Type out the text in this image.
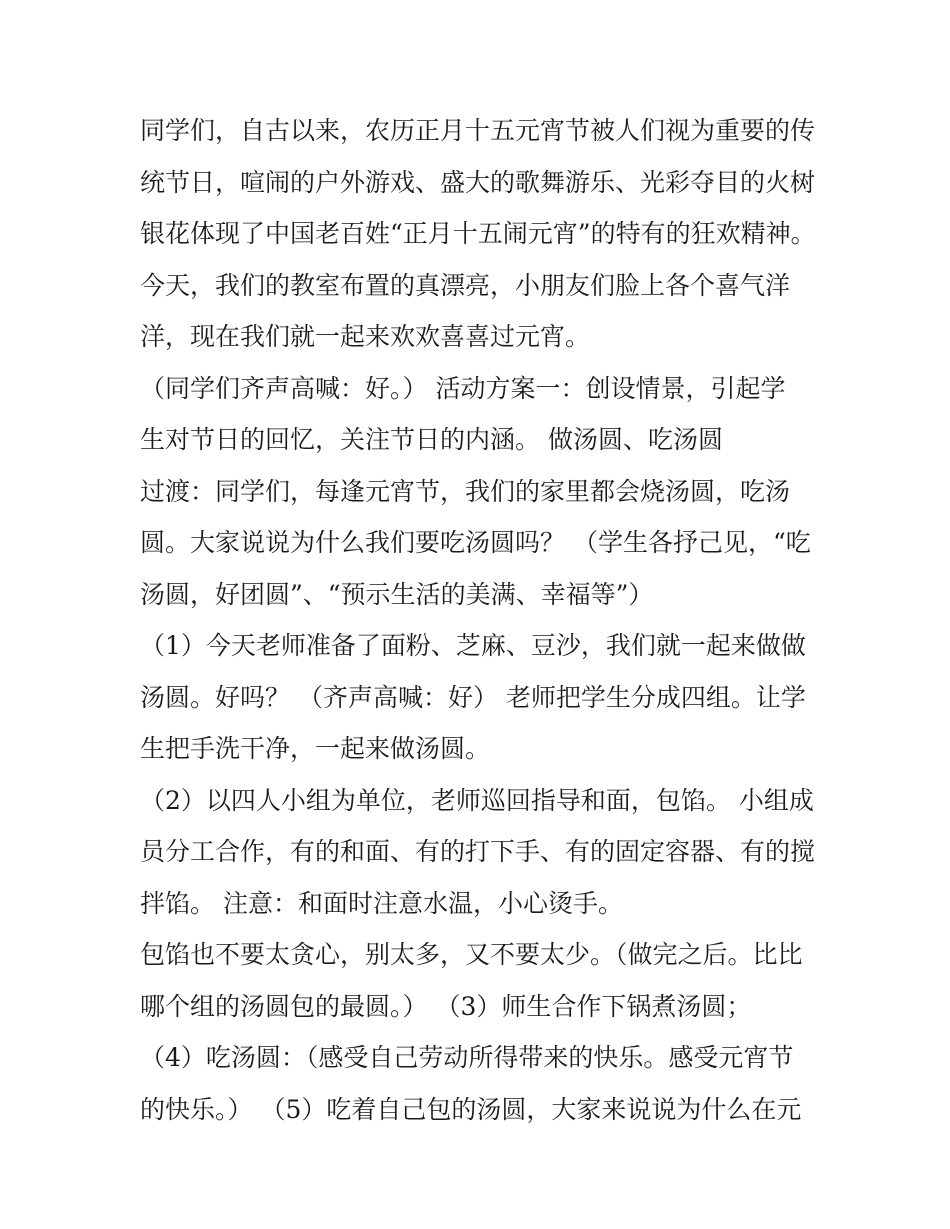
同学们，自古以来，农历正月十五元宵节被人们视为重要的传
统节日，喧闹的户外游戏、盛大的歌舞游乐、光彩夺目的火树
银花体现了中国老百姓“正月十五闹元宵”的特有的狂欢精神。
今天，我们的教室布置的真漂亮，小朋友们脸上各个喜气洋
洋，现在我们就一起来欢欢喜喜过元宵。
（同学们齐声高喊：好。） 活动方案一：创设情景，引起学
生对节日的回忆，关注节日的内涵。 做汤圆、吃汤圆
过渡：同学们，每逢元宵节，我们的家里都会烧汤圆，吃汤
圆。大家说说为什么我们要吃汤圆吗？ （学生各抒己见，“吃
汤圆，好团圆”、“预示生活的美满、幸福等”）
（1）今天老师准备了面粉、芝麻、豆沙，我们就一起来做做
汤圆。好吗？ （齐声高喊：好） 老师把学生分成四组。让学
生把手洗干净，一起来做汤圆。
（2）以四人小组为单位，老师巡回指导和面，包馅。 小组成
员分工合作，有的和面、有的打下手、有的固定容器、有的搅
拌馅。 注意：和面时注意水温，小心烫手。
包馅也不要太贪心，别太多，又不要太少。（做完之后。比比
哪个组的汤圆包的最圆。） （3）师生合作下锅煮汤圆；
（4）吃汤圆：（感受自己劳动所得带来的快乐。感受元宵节
的快乐。） （5）吃着自己包的汤圆，大家来说说为什么在元
